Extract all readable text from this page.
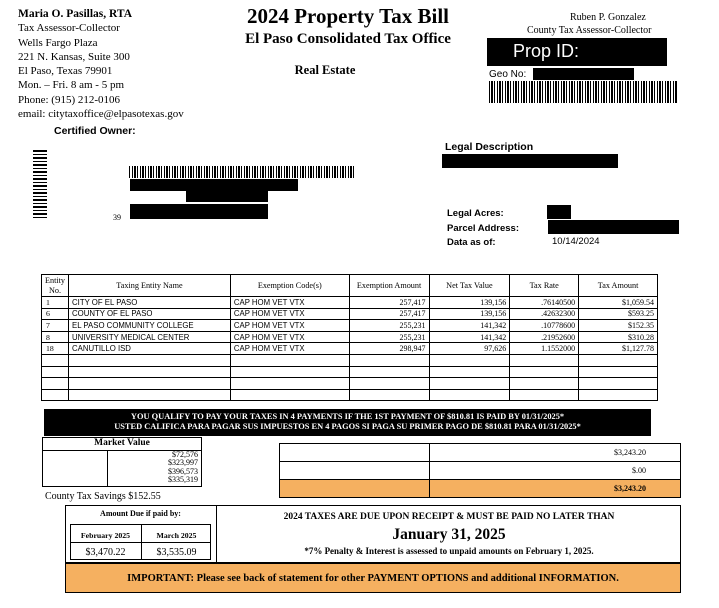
Maria O. Pasillas, RTA
Tax Assessor-Collector
Wells Fargo Plaza
221 N. Kansas, Suite 300
El Paso, Texas 79901
Mon. – Fri. 8 am - 5 pm
Phone: (915) 212-0106
email: citytaxoffice@elpasotexas.gov
Certified Owner:
2024 Property Tax Bill
El Paso Consolidated Tax Office
Real Estate
Ruben P. Gonzalez
County Tax Assessor-Collector
Prop ID:
Geo No:
Legal Description
Legal Acres:
Parcel Address:
Data as of:	10/14/2024
39
Entity No.	Taxing Entity Name	Exemption Code(s)	Exemption Amount	Net Tax Value	Tax Rate	Tax Amount
1	CITY OF EL PASO	CAP HOM VET VTX	257,417	139,156	.76140500	$1,059.54
6	COUNTY OF EL PASO	CAP HOM VET VTX	257,417	139,156	.42632300	$593.25
7	EL PASO COMMUNITY COLLEGE	CAP HOM VET VTX	255,231	141,342	.10778600	$152.35
8	UNIVERSITY MEDICAL CENTER	CAP HOM VET VTX	255,231	141,342	.21952600	$310.28
18	CANUTILLO ISD	CAP HOM VET VTX	298,947	97,626	1.1552000	$1,127.78

YOU QUALIFY TO PAY YOUR TAXES IN 4 PAYMENTS IF THE 1ST PAYMENT OF $810.81 IS PAID BY 01/31/2025*
USTED CALIFICA PARA PAGAR SUS IMPUESTOS EN 4 PAGOS SI PAGA SU PRIMER PAGO DE $810.81 PARA 01/31/2025*
Market Value
$72,576
$323,997
$396,573
$335,319
County Tax Savings $152.55
	$3,243.20
	$.00
	$3,243.20
Amount Due if paid by:
February 2025	March 2025
$3,470.22	$3,535.09
2024 TAXES ARE DUE UPON RECEIPT & MUST BE PAID NO LATER THAN
January 31, 2025
*7% Penalty & Interest is assessed to unpaid amounts on February 1, 2025.
IMPORTANT: Please see back of statement for other PAYMENT OPTIONS and additional INFORMATION.
